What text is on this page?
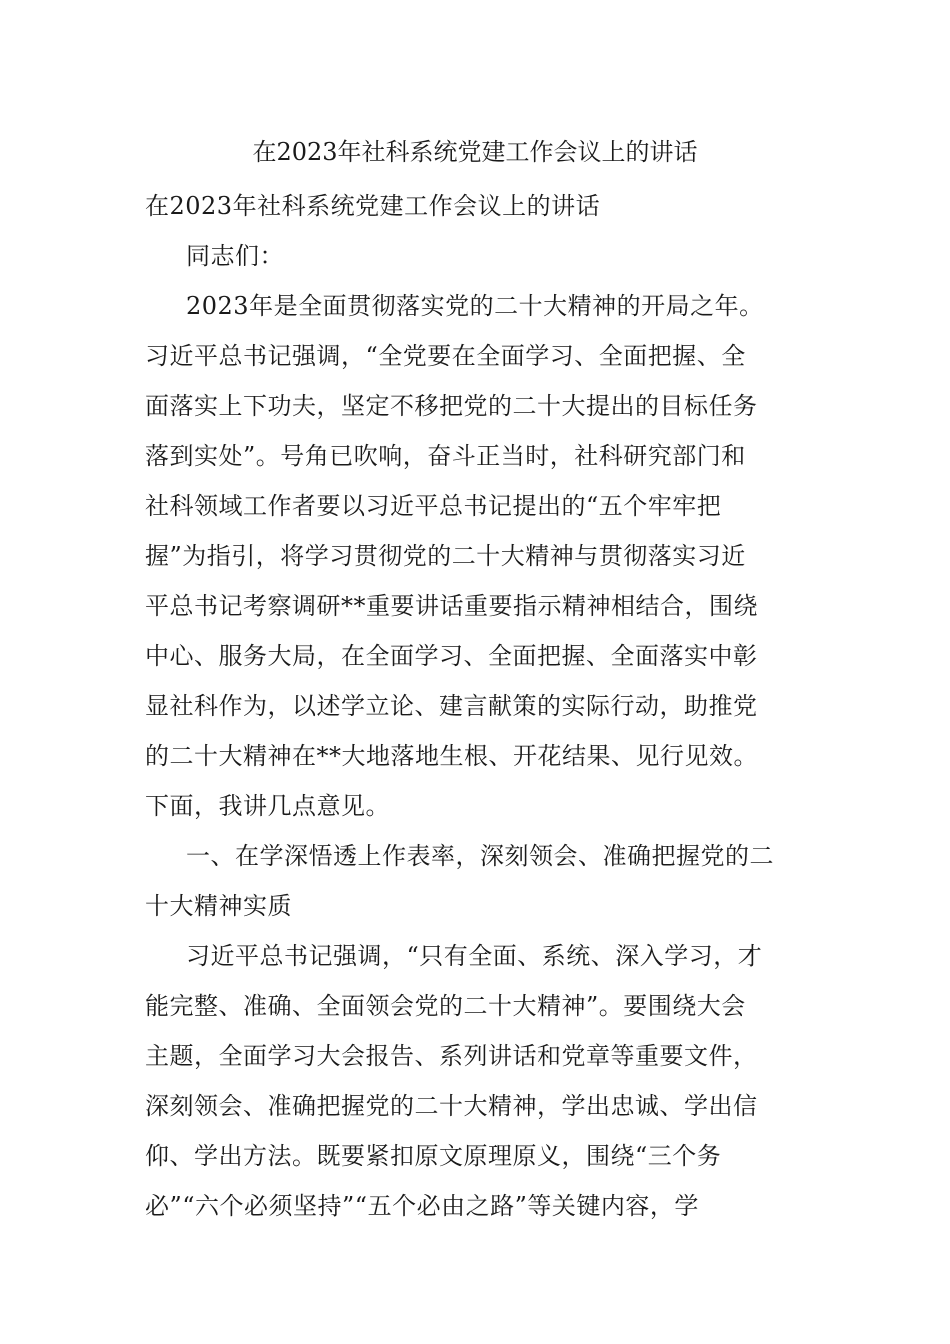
在2023年社科系统党建工作会议上的讲话
在2023年社科系统党建工作会议上的讲话
同志们：
2023年是全面贯彻落实党的二十大精神的开局之年。
习近平总书记强调，“全党要在全面学习、全面把握、全
面落实上下功夫，坚定不移把党的二十大提出的目标任务
落到实处”。号角已吹响，奋斗正当时，社科研究部门和
社科领域工作者要以习近平总书记提出的“五个牢牢把
握”为指引，将学习贯彻党的二十大精神与贯彻落实习近
平总书记考察调研**重要讲话重要指示精神相结合，围绕
中心、服务大局，在全面学习、全面把握、全面落实中彰
显社科作为，以述学立论、建言献策的实际行动，助推党
的二十大精神在**大地落地生根、开花结果、见行见效。
下面，我讲几点意见。
一、在学深悟透上作表率，深刻领会、准确把握党的二
十大精神实质
习近平总书记强调，“只有全面、系统、深入学习，才
能完整、准确、全面领会党的二十大精神”。要围绕大会
主题，全面学习大会报告、系列讲话和党章等重要文件，
深刻领会、准确把握党的二十大精神，学出忠诚、学出信
仰、学出方法。既要紧扣原文原理原义，围绕“三个务
必”“六个必须坚持”“五个必由之路”等关键内容，学
